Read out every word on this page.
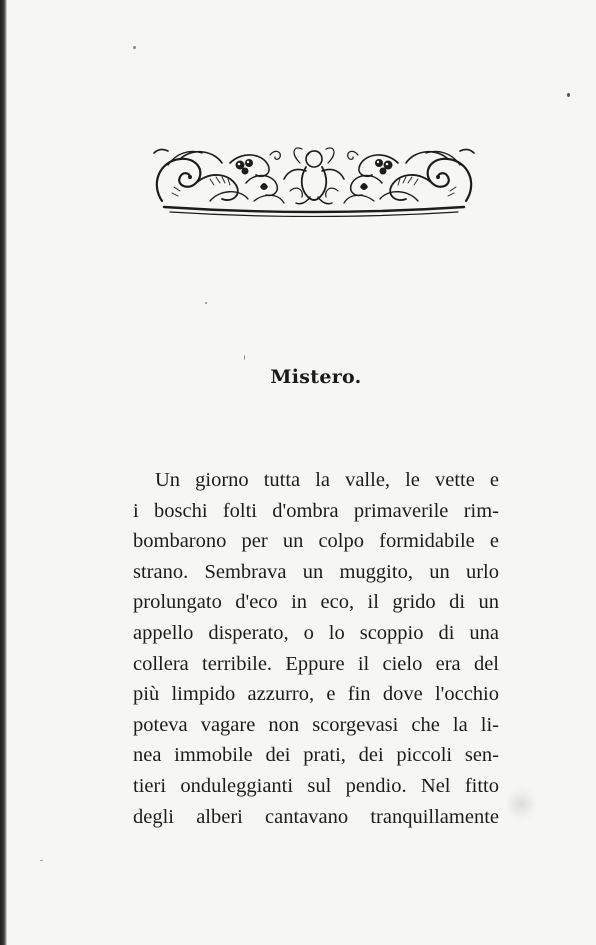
Mistero.
Un giorno tutta la valle, le vette e
i boschi folti d'ombra primaverile rim-
bombarono per un colpo formidabile e
strano. Sembrava un muggito, un urlo
prolungato d'eco in eco, il grido di un
appello disperato, o lo scoppio di una
collera terribile. Eppure il cielo era del
più limpido azzurro, e fin dove l'occhio
poteva vagare non scorgevasi che la li-
nea immobile dei prati, dei piccoli sen-
tieri onduleggianti sul pendio. Nel fitto
degli alberi cantavano tranquillamente
